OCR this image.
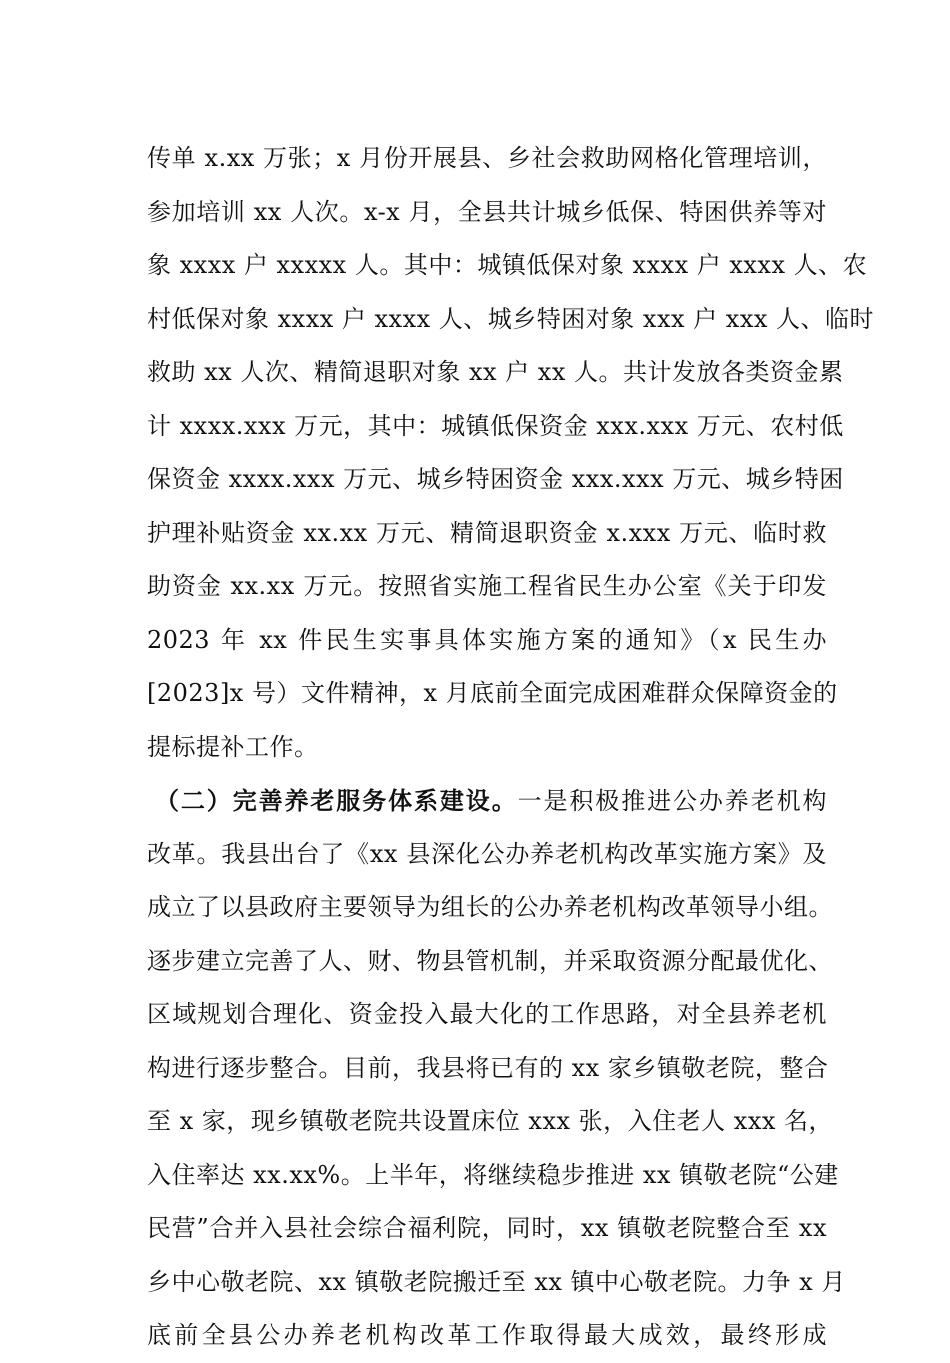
传单 x.xx 万张；x 月份开展县、乡社会救助网格化管理培训，
参加培训 xx 人次。x-x 月，全县共计城乡低保、特困供养等对
象 xxxx 户 xxxxx 人。其中：城镇低保对象 xxxx 户 xxxx 人、农
村低保对象 xxxx 户 xxxx 人、城乡特困对象 xxx 户 xxx 人、临时
救助 xx 人次、精简退职对象 xx 户 xx 人。共计发放各类资金累
计 xxxx.xxx 万元，其中：城镇低保资金 xxx.xxx 万元、农村低
保资金 xxxx.xxx 万元、城乡特困资金 xxx.xxx 万元、城乡特困
护理补贴资金 xx.xx 万元、精简退职资金 x.xxx 万元、临时救
助资金 xx.xx 万元。按照省实施工程省民生办公室《关于印发
2023 年 xx 件民生实事具体实施方案的通知》（x 民生办
[2023]x 号）文件精神，x 月底前全面完成困难群众保障资金的
提标提补工作。
（二）完善养老服务体系建设。一是积极推进公办养老机构
改革。我县出台了《xx 县深化公办养老机构改革实施方案》及
成立了以县政府主要领导为组长的公办养老机构改革领导小组。
逐步建立完善了人、财、物县管机制，并采取资源分配最优化、
区域规划合理化、资金投入最大化的工作思路，对全县养老机
构进行逐步整合。目前，我县将已有的 xx 家乡镇敬老院，整合
至 x 家，现乡镇敬老院共设置床位 xxx 张，入住老人 xxx 名，
入住率达 xx.xx%。上半年，将继续稳步推进 xx 镇敬老院“公建
民营”合并入县社会综合福利院，同时，xx 镇敬老院整合至 xx
乡中心敬老院、xx 镇敬老院搬迁至 xx 镇中心敬老院。力争 x 月
底前全县公办养老机构改革工作取得最大成效，最终形成
